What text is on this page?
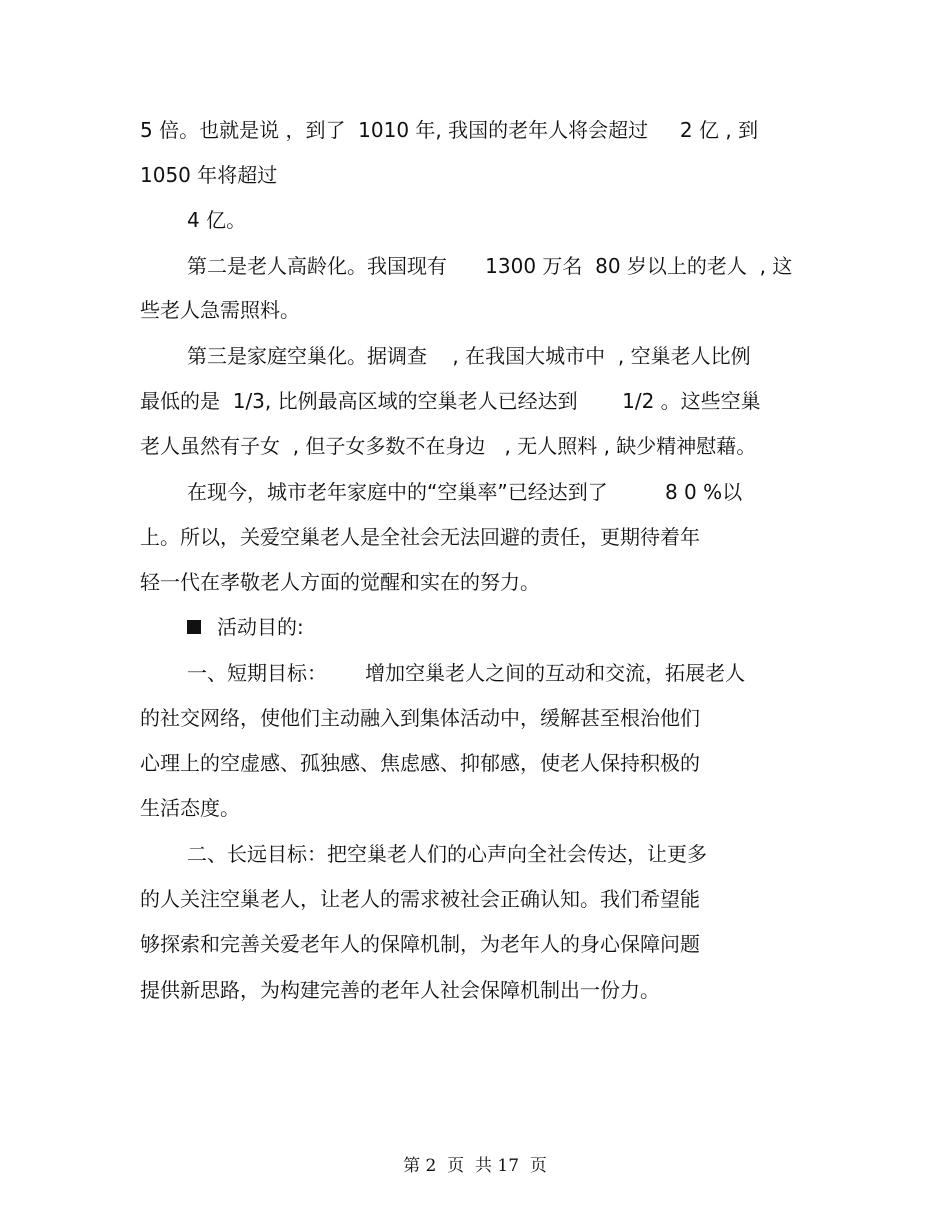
5 倍。也就是说 ，到了  1010 年, 我国的老年人将会超过     2 亿 , 到
1050 年将超过
4 亿。
第二是老人高龄化。我国现有      1300 万名  80 岁以上的老人  , 这
些老人急需照料。
第三是家庭空巢化。据调查    , 在我国大城市中  , 空巢老人比例
最低的是  1/3, 比例最高区域的空巢老人已经达到       1/2 。这些空巢
老人虽然有子女  , 但子女多数不在身边   , 无人照料 , 缺少精神慰藉。
在现今，城市老年家庭中的“空巢率”已经达到了         8 0 %以
上。所以，关爱空巢老人是全社会无法回避的责任，更期待着年
轻一代在孝敬老人方面的觉醒和实在的努力。
活动目的:
一、短期目标：      增加空巢老人之间的互动和交流，拓展老人
的社交网络，使他们主动融入到集体活动中，缓解甚至根治他们
心理上的空虚感、孤独感、焦虑感、抑郁感，使老人保持积极的
生活态度。
二、长远目标：把空巢老人们的心声向全社会传达，让更多
的人关注空巢老人，让老人的需求被社会正确认知。我们希望能
够探索和完善关爱老年人的保障机制，为老年人的身心保障问题
提供新思路，为构建完善的老年人社会保障机制出一份力。
第 2  页  共 17  页
